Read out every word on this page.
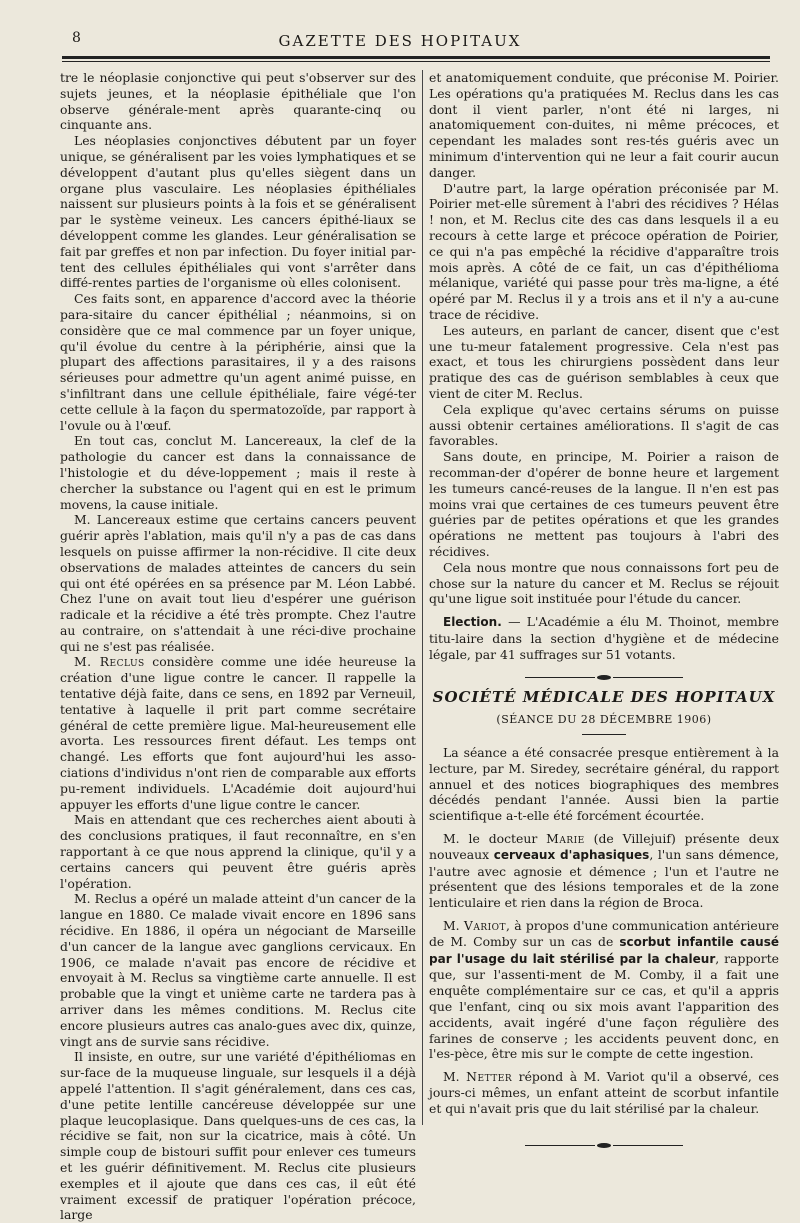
8	GAZETTE DES HOPITAUX

tre le néoplasie conjonctive qui peut s'observer sur des sujets jeunes, et la néoplasie épithéliale que l'on observe générale-ment après quarante-cinq ou cinquante ans.

Les néoplasies conjonctives débutent par un foyer unique, se généralisent par les voies lymphatiques et se développent d'autant plus qu'elles siègent dans un organe plus vasculaire. Les néoplasies épithéliales naissent sur plusieurs points à la fois et se généralisent par le système veineux. Les cancers épithé-liaux se développent comme les glandes. Leur généralisation se fait par greffes et non par infection. Du foyer initial par-tent des cellules épithéliales qui vont s'arrêter dans diffé-rentes parties de l'organisme où elles colonisent.

Ces faits sont, en apparence d'accord avec la théorie para-sitaire du cancer épithélial ; néanmoins, si on considère que ce mal commence par un foyer unique, qu'il évolue du centre à la périphérie, ainsi que la plupart des affections parasitaires, il y a des raisons sérieuses pour admettre qu'un agent animé puisse, en s'infiltrant dans une cellule épithéliale, faire végé-ter cette cellule à la façon du spermatozoïde, par rapport à l'ovule ou à l'œuf.

En tout cas, conclut M. Lancereaux, la clef de la pathologie du cancer est dans la connaissance de l'histologie et du déve-loppement ; mais il reste à chercher la substance ou l'agent qui en est le primum movens, la cause initiale.

M. Lancereaux estime que certains cancers peuvent guérir après l'ablation, mais qu'il n'y a pas de cas dans lesquels on puisse affirmer la non-récidive. Il cite deux observations de malades atteintes de cancers du sein qui ont été opérées en sa présence par M. Léon Labbé. Chez l'une on avait tout lieu d'espérer une guérison radicale et la récidive a été très prompte. Chez l'autre au contraire, on s'attendait à une réci-dive prochaine qui ne s'est pas réalisée.

M. Reclus considère comme une idée heureuse la création d'une ligue contre le cancer. Il rappelle la tentative déjà faite, dans ce sens, en 1892 par Verneuil, tentative à laquelle il prit part comme secrétaire général de cette première ligue. Mal-heureusement elle avorta. Les ressources firent défaut. Les temps ont changé. Les efforts que font aujourd'hui les asso-ciations d'individus n'ont rien de comparable aux efforts pu-rement individuels. L'Académie doit aujourd'hui appuyer les efforts d'une ligue contre le cancer.

Mais en attendant que ces recherches aient abouti à des conclusions pratiques, il faut reconnaître, en s'en rapportant à ce que nous apprend la clinique, qu'il y a certains cancers qui peuvent être guéris après l'opération.

M. Reclus a opéré un malade atteint d'un cancer de la langue en 1880. Ce malade vivait encore en 1896 sans récidive. En 1886, il opéra un négociant de Marseille d'un cancer de la langue avec ganglions cervicaux. En 1906, ce malade n'avait pas encore de récidive et envoyait à M. Reclus sa vingtième carte annuelle. Il est probable que la vingt et unième carte ne tardera pas à arriver dans les mêmes conditions. M. Reclus cite encore plusieurs autres cas analo-gues avec dix, quinze, vingt ans de survie sans récidive.

Il insiste, en outre, sur une variété d'épithéliomas en sur-face de la muqueuse linguale, sur lesquels il a déjà appelé l'attention. Il s'agit généralement, dans ces cas, d'une petite lentille cancéreuse développée sur une plaque leucoplasique. Dans quelques-uns de ces cas, la récidive se fait, non sur la cicatrice, mais à côté. Un simple coup de bistouri suffit pour enlever ces tumeurs et les guérir définitivement. M. Reclus cite plusieurs exemples et il ajoute que dans ces cas, il eût été vraiment excessif de pratiquer l'opération précoce, large

et anatomiquement conduite, que préconise M. Poirier. Les opérations qu'a pratiquées M. Reclus dans les cas dont il vient parler, n'ont été ni larges, ni anatomiquement con-duites, ni même précoces, et cependant les malades sont res-tés guéris avec un minimum d'intervention qui ne leur a fait courir aucun danger.

D'autre part, la large opération préconisée par M. Poirier met-elle sûrement à l'abri des récidives ? Hélas ! non, et M. Reclus cite des cas dans lesquels il a eu recours à cette large et précoce opération de Poirier, ce qui n'a pas empêché la récidive d'apparaître trois mois après. A côté de ce fait, un cas d'épithélioma mélanique, variété qui passe pour très ma-ligne, a été opéré par M. Reclus il y a trois ans et il n'y a au-cune trace de récidive.

Les auteurs, en parlant de cancer, disent que c'est une tu-meur fatalement progressive. Cela n'est pas exact, et tous les chirurgiens possèdent dans leur pratique des cas de guérison semblables à ceux que vient de citer M. Reclus.

Cela explique qu'avec certains sérums on puisse aussi obtenir certaines améliorations. Il s'agit de cas favorables.

Sans doute, en principe, M. Poirier a raison de recomman-der d'opérer de bonne heure et largement les tumeurs cancé-reuses de la langue. Il n'en est pas moins vrai que certaines de ces tumeurs peuvent être guéries par de petites opérations et que les grandes opérations ne mettent pas toujours à l'abri des récidives.

Cela nous montre que nous connaissons fort peu de chose sur la nature du cancer et M. Reclus se réjouit qu'une ligue soit instituée pour l'étude du cancer.

Election. — L'Académie a élu M. Thoinot, membre titu-laire dans la section d'hygiène et de médecine légale, par 41 suffrages sur 51 votants.

SOCIÉTÉ MÉDICALE DES HOPITAUX
(SÉANCE DU 28 DÉCEMBRE 1906)

La séance a été consacrée presque entièrement à la lecture, par M. Siredey, secrétaire général, du rapport annuel et des notices biographiques des membres décédés pendant l'année. Aussi bien la partie scientifique a-t-elle été forcément écourtée.

M. le docteur Marie (de Villejuif) présente deux nouveaux cerveaux d'aphasiques, l'un sans démence, l'autre avec agnosie et démence ; l'un et l'autre ne présentent que des lésions temporales et de la zone lenticulaire et rien dans la région de Broca.

M. Variot, à propos d'une communication antérieure de M. Comby sur un cas de scorbut infantile causé par l'usage du lait stérilisé par la chaleur, rapporte que, sur l'assenti-ment de M. Comby, il a fait une enquête complémentaire sur ce cas, et qu'il a appris que l'enfant, cinq ou six mois avant l'apparition des accidents, avait ingéré d'une façon régulière des farines de conserve ; les accidents peuvent donc, en l'es-pèce, être mis sur le compte de cette ingestion.

M. Netter répond à M. Variot qu'il a observé, ces jours-ci mêmes, un enfant atteint de scorbut infantile et qui n'avait pris que du lait stérilisé par la chaleur.
